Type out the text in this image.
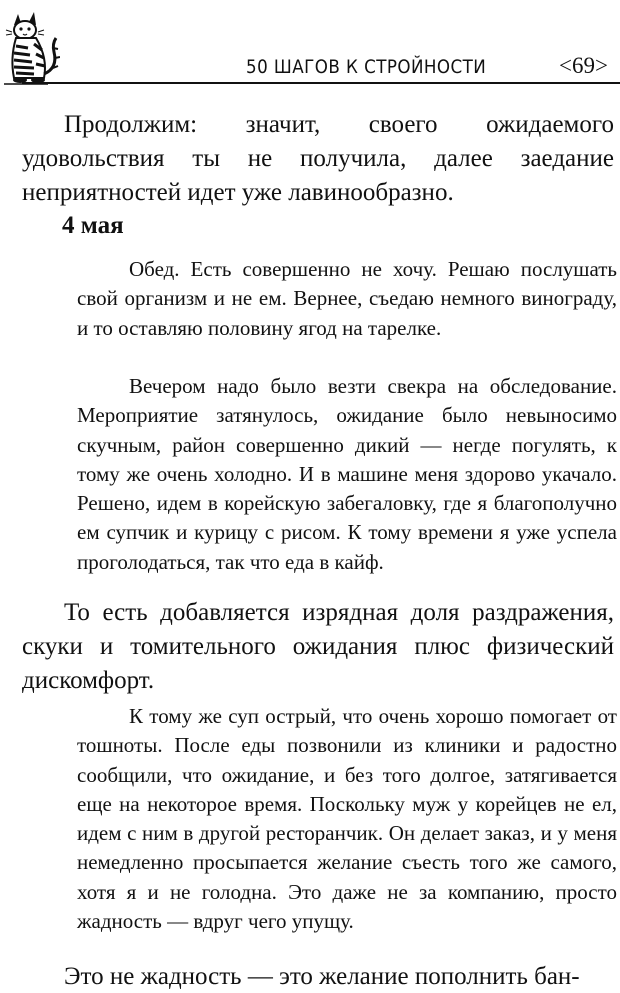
50 ШАГОВ К СТРОЙНОСТИ	<69>

Продолжим: значит, своего ожидаемого удовольствия ты не получила, далее заедание неприятностей идет уже лавинообразно.

4 мая

Обед. Есть совершенно не хочу. Решаю послушать свой организм и не ем. Вернее, съедаю немного винограду, и то оставляю половину ягод на тарелке.

Вечером надо было везти свекра на обследование. Мероприятие затянулось, ожидание было невыносимо скучным, район совершенно дикий — негде погулять, к тому же очень холодно. И в машине меня здорово укачало. Решено, идем в корейскую забегаловку, где я благополучно ем супчик и курицу с рисом. К тому времени я уже успела проголодаться, так что еда в кайф.

То есть добавляется изрядная доля раздражения, скуки и томительного ожидания плюс физический дискомфорт.

К тому же суп острый, что очень хорошо помогает от тошноты. После еды позвонили из клиники и радостно сообщили, что ожидание, и без того долгое, затягивается еще на некоторое время. Поскольку муж у корейцев не ел, идем с ним в другой ресторанчик. Он делает заказ, и у меня немедленно просыпается желание съесть того же самого, хотя я и не голодна. Это даже не за компанию, просто жадность — вдруг чего упущу.

Это не жадность — это желание пополнить бан-
